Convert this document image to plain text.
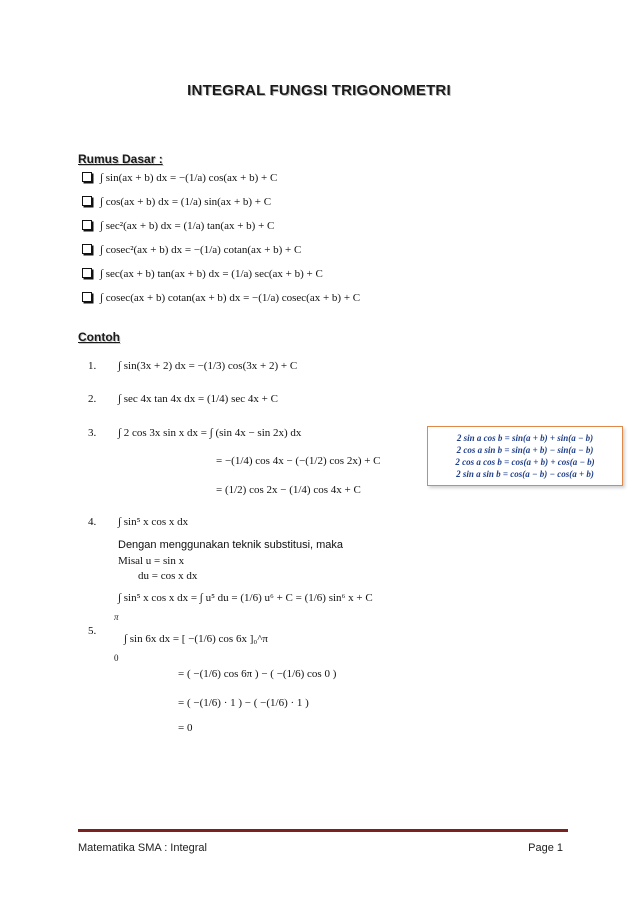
INTEGRAL FUNGSI TRIGONOMETRI
Rumus Dasar :
∫ sin(ax + b) dx = −(1/a) cos(ax + b) + C
∫ cos(ax + b) dx = (1/a) sin(ax + b) + C
∫ sec²(ax + b) dx = (1/a) tan(ax + b) + C
∫ cosec²(ax + b) dx = −(1/a) cotan(ax + b) + C
∫ sec(ax + b) tan(ax + b) dx = (1/a) sec(ax + b) + C
∫ cosec(ax + b) cotan(ax + b) dx = −(1/a) cosec(ax + b) + C
Contoh
1. ∫ sin(3x + 2) dx = −(1/3) cos(3x + 2) + C
2. ∫ sec 4x tan 4x dx = (1/4) sec 4x + C
3. ∫ 2 cos 3x sin x dx = ∫ (sin 4x − sin 2x) dx
= −(1/4) cos 4x − (−(1/2) cos 2x) + C
= (1/2) cos 2x − (1/4) cos 4x + C
2 sin a cos b = sin(a + b) + sin(a − b)
2 cos a sin b = sin(a + b) − sin(a − b)
2 cos a cos b = cos(a + b) + cos(a − b)
2 sin a sin b = cos(a − b) − cos(a + b)
4. ∫ sin⁵ x cos x dx
Dengan menggunakan teknik substitusi, maka
Misal u = sin x
du = cos x dx
∫ sin⁵ x cos x dx = ∫ u⁵ du = (1/6) u⁶ + C = (1/6) sin⁶ x + C
5.
π
0
∫ sin 6x dx = [ −(1/6) cos 6x ]₀^π
= ( −(1/6) cos 6π ) − ( −(1/6) cos 0 )
= ( −(1/6) · 1 ) − ( −(1/6) · 1 )
= 0
Matematika SMA : Integral	Page 1
